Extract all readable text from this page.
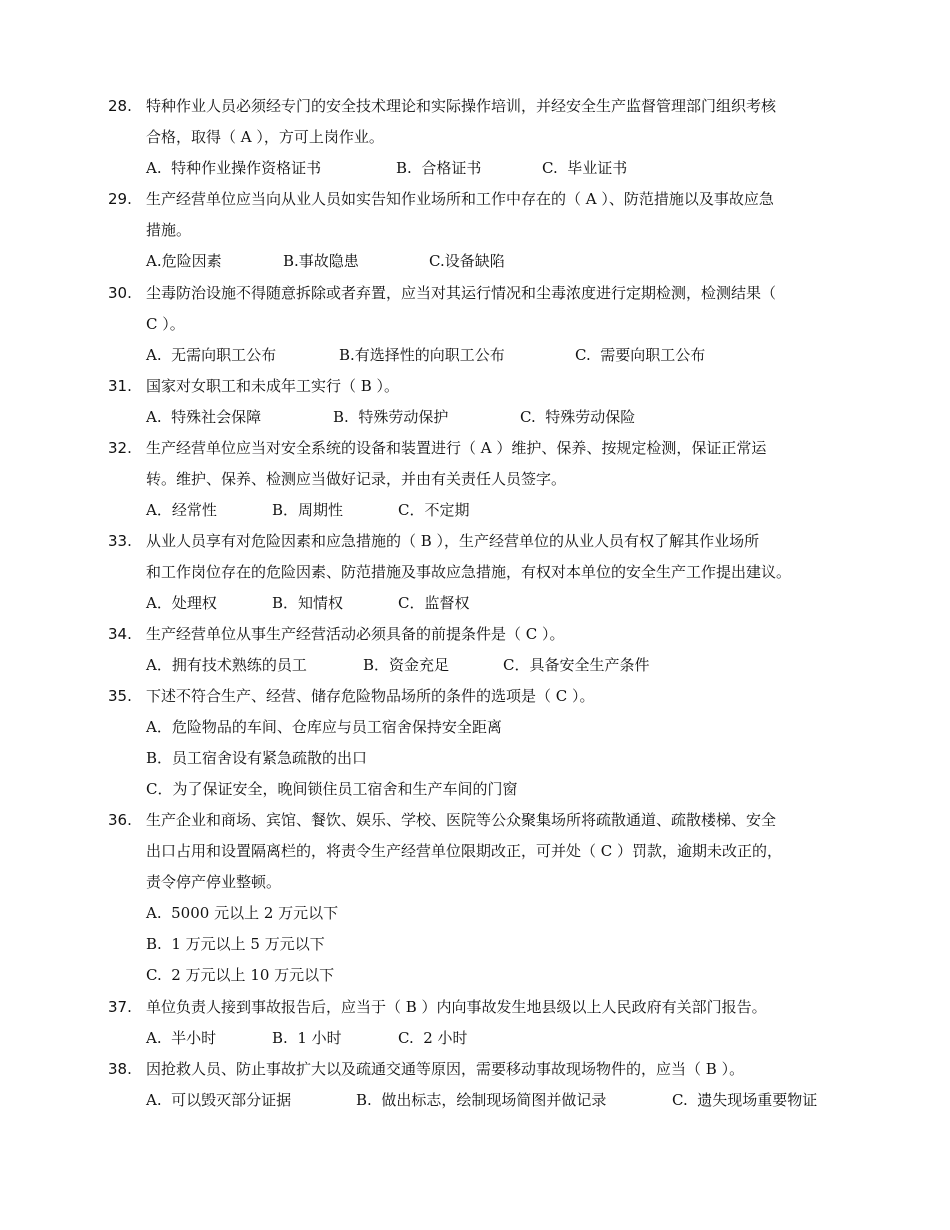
28. 特种作业人员必须经专门的安全技术理论和实际操作培训，并经安全生产监督管理部门组织考核
合格，取得（ A ），方可上岗作业。
A.  特种作业操作资格证书	B.  合格证书	C.  毕业证书
29. 生产经营单位应当向从业人员如实告知作业场所和工作中存在的（ A ）、防范措施以及事故应急
措施。
A.危险因素	B.事故隐患	C.设备缺陷
30. 尘毒防治设施不得随意拆除或者弃置，应当对其运行情况和尘毒浓度进行定期检测，检测结果（
C ）。
A.  无需向职工公布	B.有选择性的向职工公布	C.  需要向职工公布
31. 国家对女职工和未成年工实行（ B ）。
A.  特殊社会保障	B.  特殊劳动保护	C.  特殊劳动保险
32. 生产经营单位应当对安全系统的设备和装置进行（ A ）维护、保养、按规定检测，保证正常运
转。维护、保养、检测应当做好记录，并由有关责任人员签字。
A．经常性	B．周期性	C．不定期
33. 从业人员享有对危险因素和应急措施的（ B ），生产经营单位的从业人员有权了解其作业场所
和工作岗位存在的危险因素、防范措施及事故应急措施，有权对本单位的安全生产工作提出建议。
A．处理权	B．知情权	C．监督权
34. 生产经营单位从事生产经营活动必须具备的前提条件是（ C ）。
A．拥有技术熟练的员工	B．资金充足	C．具备安全生产条件
35. 下述不符合生产、经营、储存危险物品场所的条件的选项是（ C ）。
A．危险物品的车间、仓库应与员工宿舍保持安全距离
B．员工宿舍设有紧急疏散的出口
C．为了保证安全，晚间锁住员工宿舍和生产车间的门窗
36. 生产企业和商场、宾馆、餐饮、娱乐、学校、医院等公众聚集场所将疏散通道、疏散楼梯、安全
出口占用和设置隔离栏的，将责令生产经营单位限期改正，可并处（ C ）罚款，逾期未改正的，
责令停产停业整顿。
A.  5000 元以上 2 万元以下
B.  1 万元以上 5 万元以下
C.  2 万元以上 10 万元以下
37. 单位负责人接到事故报告后，应当于（ B ）内向事故发生地县级以上人民政府有关部门报告。
A.  半小时	B.  1 小时	C.  2 小时
38. 因抢救人员、防止事故扩大以及疏通交通等原因，需要移动事故现场物件的，应当（ B ）。
A.  可以毁灭部分证据	B.  做出标志，绘制现场简图并做记录	C.  遗失现场重要物证
